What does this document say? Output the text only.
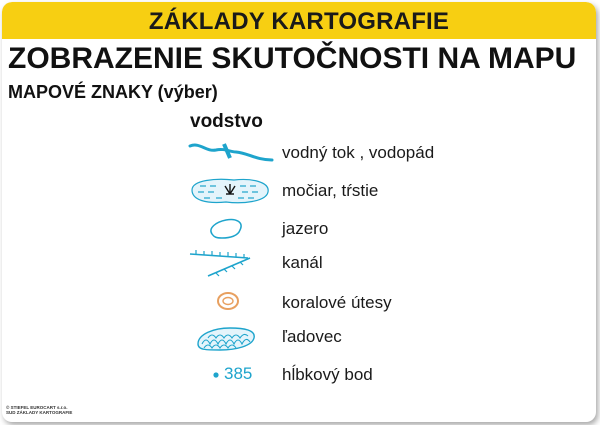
ZÁKLADY KARTOGRAFIE
ZOBRAZENIE SKUTOČNOSTI NA MAPU
MAPOVÉ ZNAKY (výber)
vodstvo
vodný tok , vodopád
močiar, tŕstie
jazero
kanál
koralové útesy
ľadovec
385 hĺbkový bod
© STIEFEL EUROCART s.r.o.
SUD ZÁKLADY KARTOGRAFIE
